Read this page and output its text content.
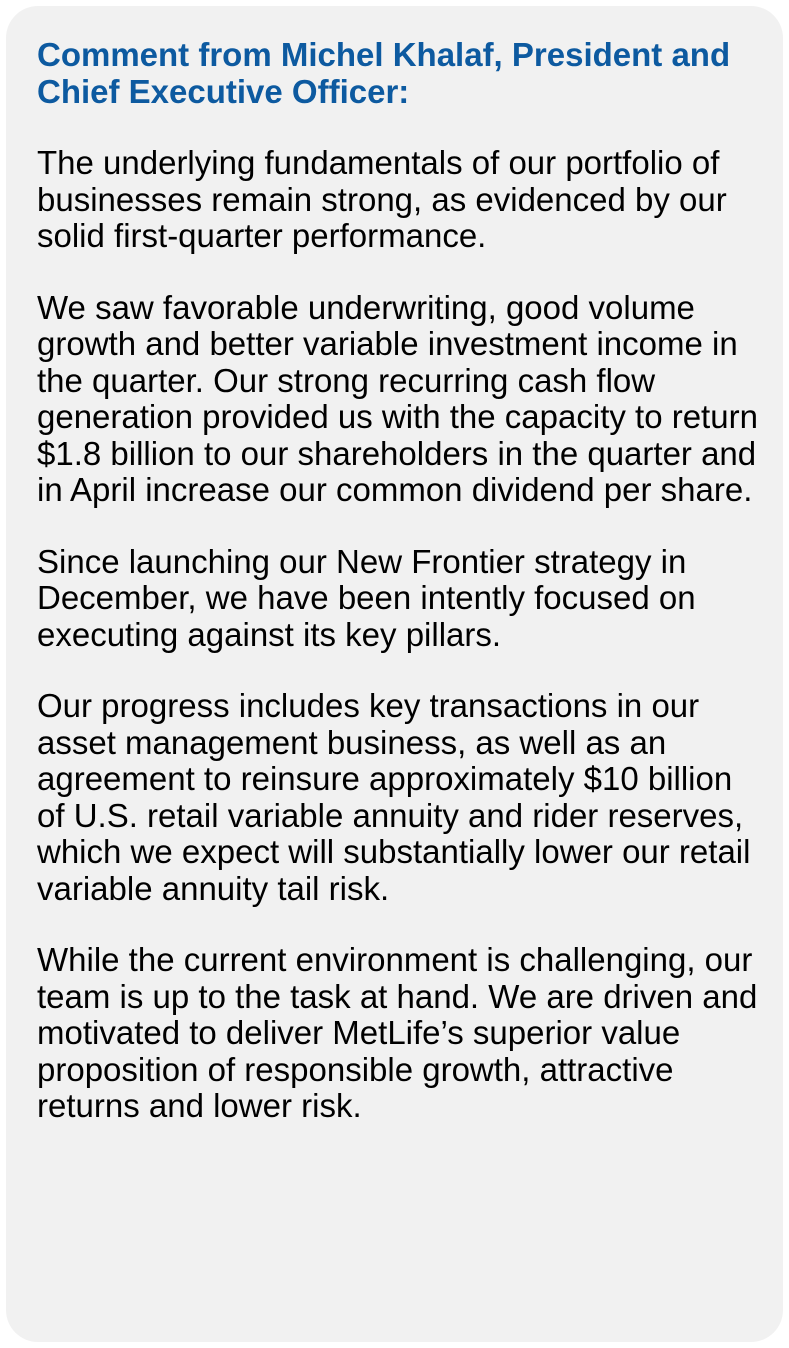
Comment from Michel Khalaf, President and Chief Executive Officer:

The underlying fundamentals of our portfolio of businesses remain strong, as evidenced by our solid first-quarter performance.

We saw favorable underwriting, good volume growth and better variable investment income in the quarter. Our strong recurring cash flow generation provided us with the capacity to return $1.8 billion to our shareholders in the quarter and in April increase our common dividend per share.

Since launching our New Frontier strategy in December, we have been intently focused on executing against its key pillars.

Our progress includes key transactions in our asset management business, as well as an agreement to reinsure approximately $10 billion of U.S. retail variable annuity and rider reserves, which we expect will substantially lower our retail variable annuity tail risk.

While the current environment is challenging, our team is up to the task at hand. We are driven and motivated to deliver MetLife’s superior value proposition of responsible growth, attractive returns and lower risk.
